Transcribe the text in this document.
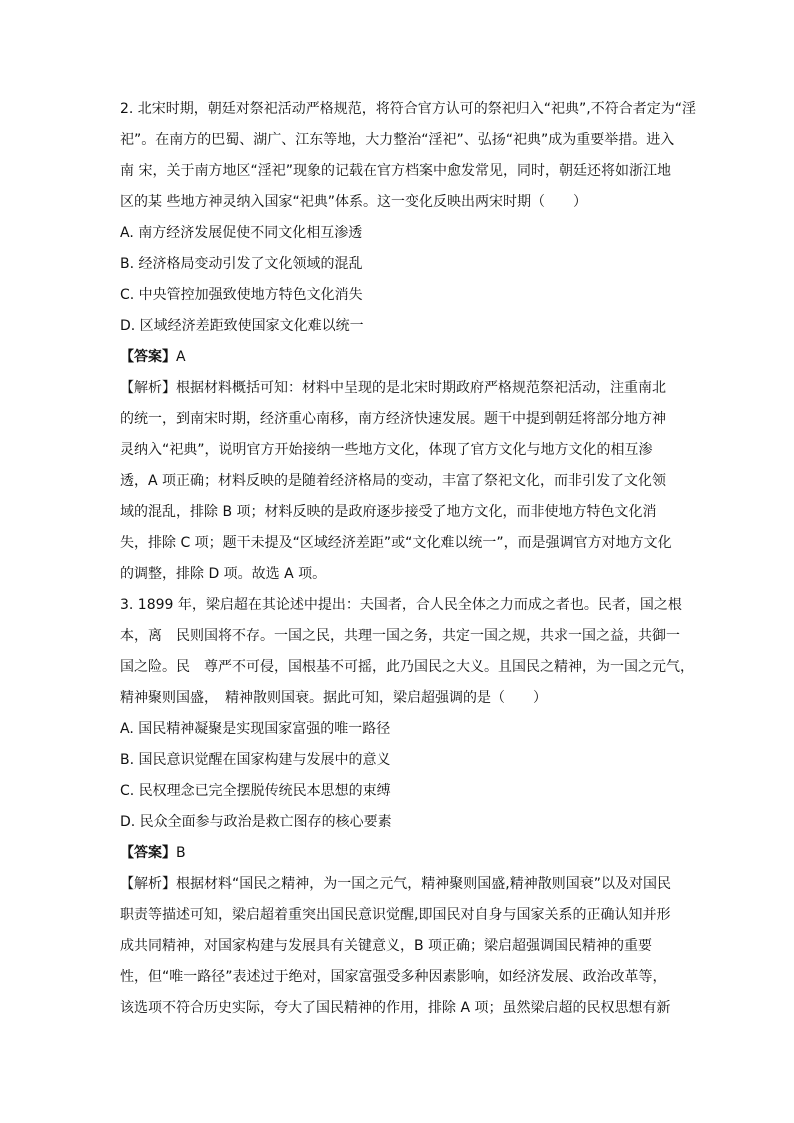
2. 北宋时期，朝廷对祭祀活动严格规范，将符合官方认可的祭祀归入“祀典”,不符合者定为“淫
祀”。在南方的巴蜀、湖广、江东等地，大力整治“淫祀”、弘扬“祀典”成为重要举措。进入
南 宋，关于南方地区“淫祀”现象的记载在官方档案中愈发常见，同时，朝廷还将如浙江地
区的某 些地方神灵纳入国家“祀典”体系。这一变化反映出两宋时期（　　）
A. 南方经济发展促使不同文化相互渗透
B. 经济格局变动引发了文化领域的混乱
C. 中央管控加强致使地方特色文化消失
D. 区域经济差距致使国家文化难以统一
【答案】A
【解析】根据材料概括可知：材料中呈现的是北宋时期政府严格规范祭祀活动，注重南北
的统一，到南宋时期，经济重心南移，南方经济快速发展。题干中提到朝廷将部分地方神
灵纳入“祀典”，说明官方开始接纳一些地方文化，体现了官方文化与地方文化的相互渗
透，A 项正确；材料反映的是随着经济格局的变动，丰富了祭祀文化，而非引发了文化领
域的混乱，排除 B 项；材料反映的是政府逐步接受了地方文化，而非使地方特色文化消
失，排除 C 项；题干未提及“区域经济差距”或“文化难以统一”，而是强调官方对地方文化
的调整，排除 D 项。故选 A 项。
3. 1899 年，梁启超在其论述中提出：夫国者，合人民全体之力而成之者也。民者，国之根
本，离　民则国将不存。一国之民，共理一国之务，共定一国之规，共求一国之益，共御一
国之险。民　尊严不可侵，国根基不可摇，此乃国民之大义。且国民之精神，为一国之元气，
精神聚则国盛，　精神散则国衰。据此可知，梁启超强调的是（　　）
A. 国民精神凝聚是实现国家富强的唯一路径
B. 国民意识觉醒在国家构建与发展中的意义
C. 民权理念已完全摆脱传统民本思想的束缚
D. 民众全面参与政治是救亡图存的核心要素
【答案】B
【解析】根据材料“国民之精神，为一国之元气，精神聚则国盛,精神散则国衰”以及对国民
职责等描述可知，梁启超着重突出国民意识觉醒,即国民对自身与国家关系的正确认知并形
成共同精神，对国家构建与发展具有关键意义，B 项正确；梁启超强调国民精神的重要
性，但“唯一路径”表述过于绝对，国家富强受多种因素影响，如经济发展、政治改革等，
该选项不符合历史实际，夸大了国民精神的作用，排除 A 项；虽然梁启超的民权思想有新
